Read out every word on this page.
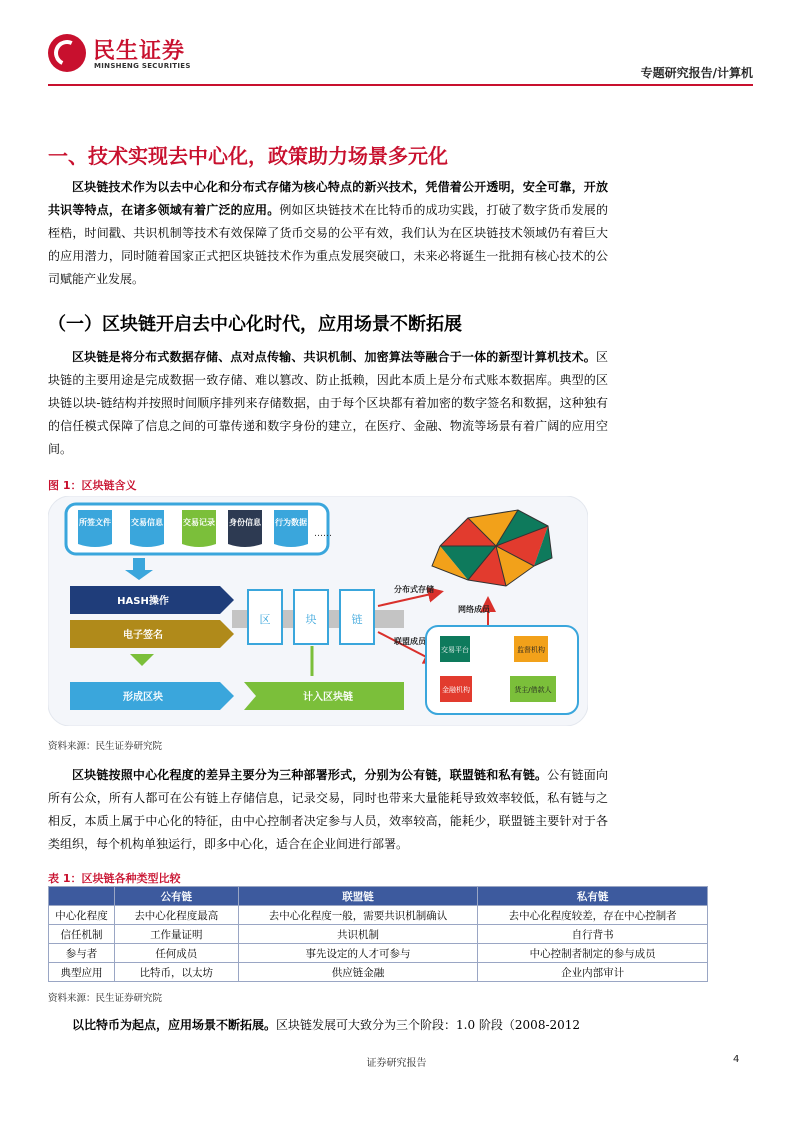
民生证券
MINSHENG SECURITIES	专题研究报告/计算机
一、技术实现去中心化，政策助力场景多元化
区块链技术作为以去中心化和分布式存储为核心特点的新兴技术，凭借着公开透明，安全可靠，开放共识等特点，在诸多领域有着广泛的应用。例如区块链技术在比特币的成功实践，打破了数字货币发展的桎梏，时间戳、共识机制等技术有效保障了货币交易的公平有效，我们认为在区块链技术领域仍有着巨大的应用潜力，同时随着国家正式把区块链技术作为重点发展突破口，未来必将诞生一批拥有核心技术的公司赋能产业发展。
（一）区块链开启去中心化时代，应用场景不断拓展
区块链是将分布式数据存储、点对点传输、共识机制、加密算法等融合于一体的新型计算机技术。区块链的主要用途是完成数据一致存储、难以篡改、防止抵赖，因此本质上是分布式账本数据库。典型的区块链以块-链结构并按照时间顺序排列来存储数据，由于每个区块都有着加密的数字签名和数据，这种独有的信任模式保障了信息之间的可靠传递和数字身份的建立，在医疗、金融、物流等场景有着广阔的应用空间。
图 1：区块链含义
所签文件	交易信息	交易记录 身份信息 行为数据
……
HASH操作
电子签名
形成区块
区	块	链
计入区块链
分布式存储
联盟成员
网络成员
交易平台	监督机构
金融机构	货主/借款人
资料来源：民生证券研究院
区块链按照中心化程度的差异主要分为三种部署形式，分别为公有链，联盟链和私有链。公有链面向所有公众，所有人都可在公有链上存储信息，记录交易，同时也带来大量能耗导致效率较低，私有链与之相反，本质上属于中心化的特征，由中心控制者决定参与人员，效率较高，能耗少，联盟链主要针对于各类组织，每个机构单独运行，即多中心化，适合在企业间进行部署。
表 1：区块链各种类型比较
	公有链	联盟链	私有链
中心化程度	去中心化程度最高	去中心化程度一般，需要共识机制确认	去中心化程度较差，存在中心控制者
信任机制	工作量证明	共识机制	自行背书
参与者	任何成员	事先设定的人才可参与	中心控制者制定的参与成员
典型应用	比特币，以太坊	供应链金融	企业内部审计
资料来源：民生证券研究院
以比特币为起点，应用场景不断拓展。区块链发展可大致分为三个阶段：1.0 阶段（2008-2012
证券研究报告	4
